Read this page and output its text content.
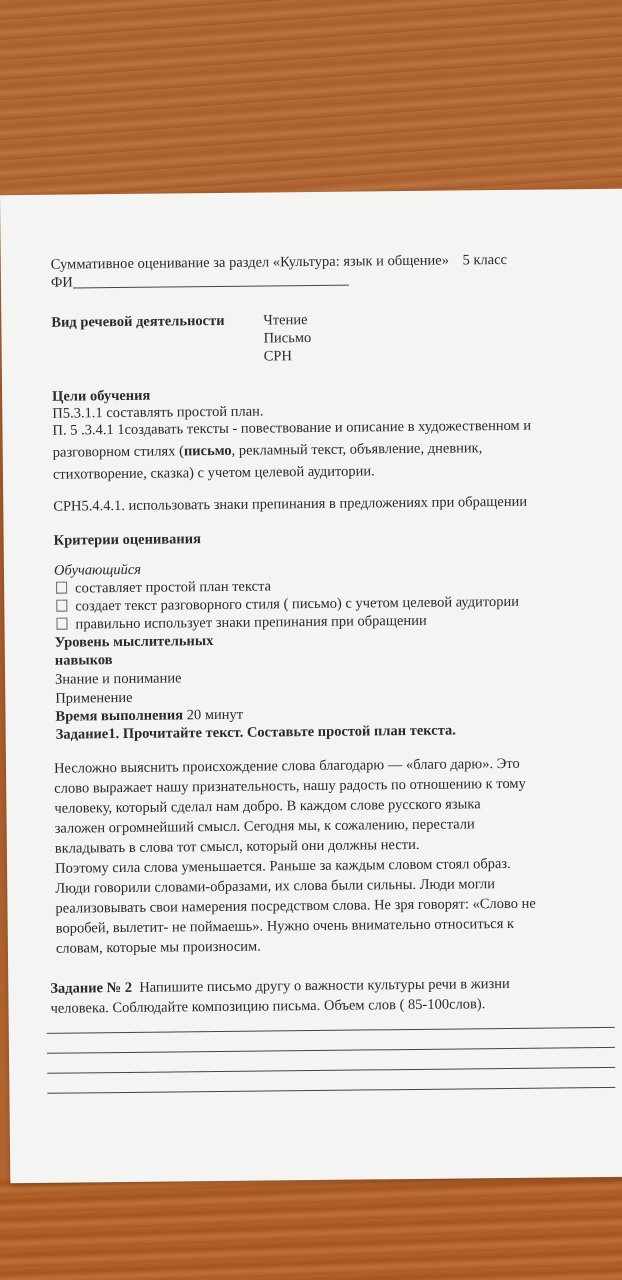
Суммативное оценивание за раздел «Культура: язык и общение» 5 класс
ФИ
Вид речевой деятельности	Чтение
Письмо
СРН
Цели обучения
П5.3.1.1 составлять простой план.
П. 5 .3.4.1 1создавать тексты - повествование и описание в художественном и
разговорном стилях (письмо, рекламный текст, объявление, дневник,
стихотворение, сказка) с учетом целевой аудитории.
СРН5.4.4.1. использовать знаки препинания в предложениях при обращении
Критерии оценивания
Обучающийся
составляет простой план текста
создает текст разговорного стиля ( письмо) с учетом целевой аудитории
правильно использует знаки препинания при обращении
Уровень мыслительных
навыков
Знание и понимание
Применение
Время выполнения 20 минут
Задание1. Прочитайте текст. Составьте простой план текста.
Несложно выяснить происхождение слова благодарю — «благо дарю». Это
слово выражает нашу признательность, нашу радость по отношению к тому
человеку, который сделал нам добро. В каждом слове русского языка
заложен огромнейший смысл. Сегодня мы, к сожалению, перестали
вкладывать в слова тот смысл, который они должны нести.
Поэтому сила слова уменьшается. Раньше за каждым словом стоял образ.
Люди говорили словами-образами, их слова были сильны. Люди могли
реализовывать свои намерения посредством слова. Не зря говорят: «Слово не
воробей, вылетит- не поймаешь». Нужно очень внимательно относиться к
словам, которые мы произносим.
Задание № 2 Напишите письмо другу о важности культуры речи в жизни
человека. Соблюдайте композицию письма. Объем слов ( 85-100слов).
